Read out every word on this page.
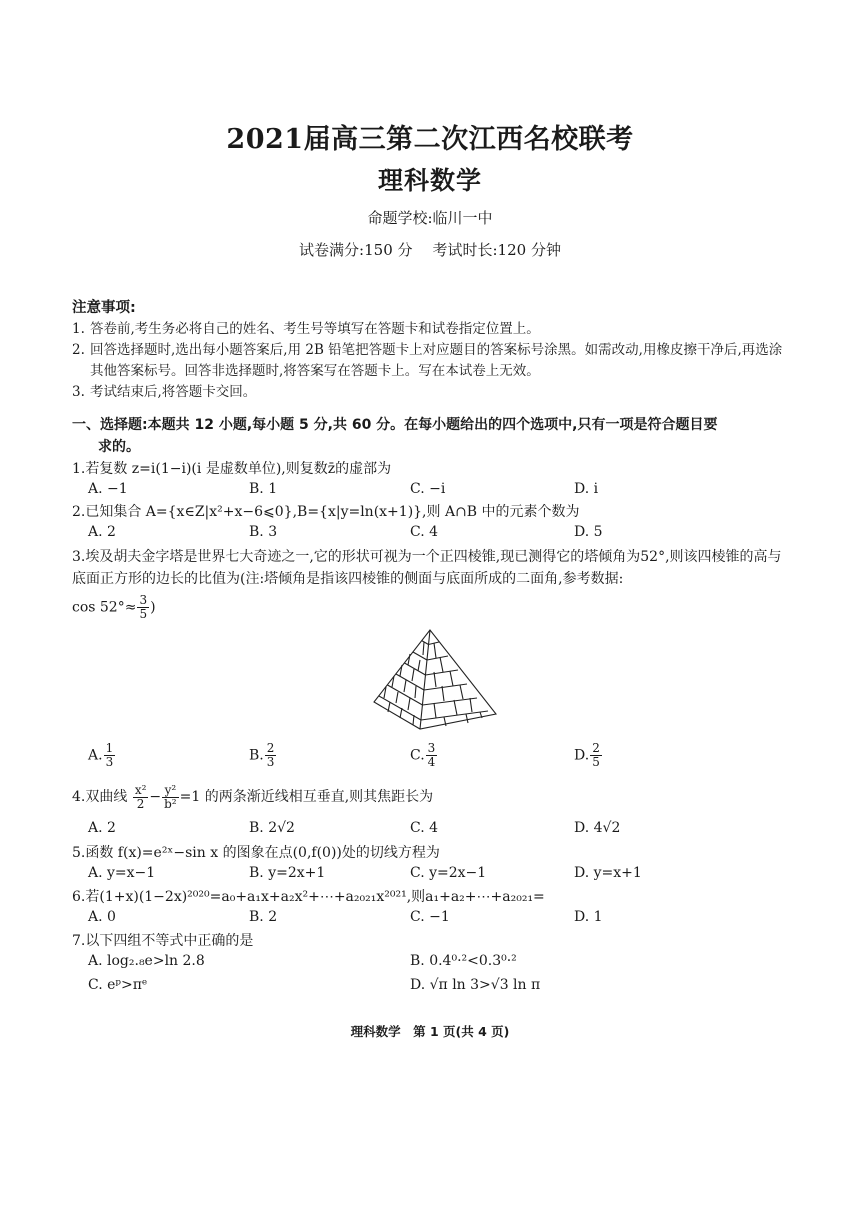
2021届高三第二次江西名校联考
理科数学
命题学校:临川一中
试卷满分:150 分 考试时长:120 分钟
注意事项:
1. 答卷前,考生务必将自己的姓名、考生号等填写在答题卡和试卷指定位置上。
2. 回答选择题时,选出每小题答案后,用 2B 铅笔把答题卡上对应题目的答案标号涂黑。如需改动,用橡皮擦干净后,再选涂其他答案标号。回答非选择题时,将答案写在答题卡上。写在本试卷上无效。
3. 考试结束后,将答题卡交回。
一、选择题:本题共 12 小题,每小题 5 分,共 60 分。在每小题给出的四个选项中,只有一项是符合题目要
求的。
1.若复数 z=i(1−i)(i 是虚数单位),则复数z̄的虚部为
A. −1	B. 1	C. −i	D. i
2.已知集合 A={x∈Z|x²+x−6⩽0},B={x|y=ln(x+1)},则 A∩B 中的元素个数为
A. 2	B. 3	C. 4	D. 5
3.埃及胡夫金字塔是世界七大奇迹之一,它的形状可视为一个正四棱锥,现已测得它的塔倾角为52°,则该四棱锥的高与底面正方形的边长的比值为(注:塔倾角是指该四棱锥的侧面与底面所成的二面角,参考数据:
$\cos 52^\circ\approx \frac{3}{5}$ )
A. $\frac{1}{3}$	B. $\frac{2}{3}$	C. $\frac{3}{4}$	D. $\frac{2}{5}$
4.双曲线 $\frac{\text{x²}}{2} - \frac{\text{y²}}{\text{b²}} =1$ 的两条渐近线相互垂直,则其焦距长为
A. 2	B. 2√2	C. 4	D. 4√2
5.函数 f(x)=e²ˣ−sin x 的图象在点(0,f(0))处的切线方程为
A. y=x−1	B. y=2x+1	C. y=2x−1	D. y=x+1
6.若(1+x)(1−2x)²⁰²⁰=a₀+a₁x+a₂x²+⋯+a₂₀₂₁x²⁰²¹,则a₁+a₂+⋯+a₂₀₂₁=
A. 0	B. 2	C. −1	D. 1
7.以下四组不等式中正确的是
A. log₂.₈e>ln 2.8	B. 0.4⁰·²<0.3⁰·²
C. eᵖ>πᵉ	D. √π ln 3>√3 ln π
理科数学　第 1 页(共 4 页)
